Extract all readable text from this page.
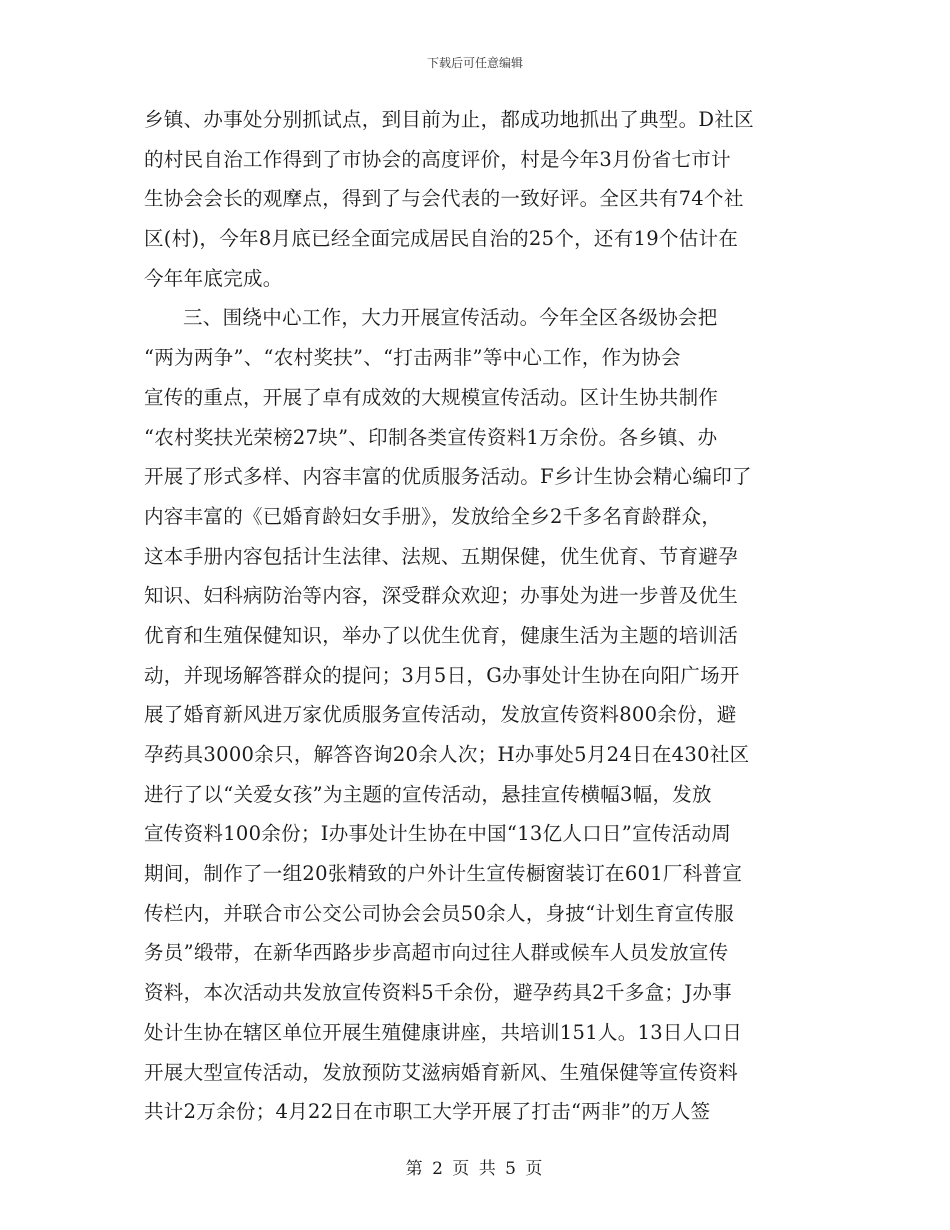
下载后可任意编辑
乡镇、办事处分别抓试点，到目前为止，都成功地抓出了典型。D社区
的村民自治工作得到了市协会的高度评价，村是今年3月份省七市计
生协会会长的观摩点，得到了与会代表的一致好评。全区共有74个社
区(村)，今年8月底已经全面完成居民自治的25个，还有19个估计在
今年年底完成。
三、围绕中心工作，大力开展宣传活动。今年全区各级协会把
“两为两争”、“农村奖扶”、“打击两非”等中心工作，作为协会
宣传的重点，开展了卓有成效的大规模宣传活动。区计生协共制作
“农村奖扶光荣榜27块”、印制各类宣传资料1万余份。各乡镇、办
开展了形式多样、内容丰富的优质服务活动。F乡计生协会精心编印了
内容丰富的《已婚育龄妇女手册》，发放给全乡2千多名育龄群众，
这本手册内容包括计生法律、法规、五期保健，优生优育、节育避孕
知识、妇科病防治等内容，深受群众欢迎；办事处为进一步普及优生
优育和生殖保健知识，举办了以优生优育，健康生活为主题的培训活
动，并现场解答群众的提问；3月5日，G办事处计生协在向阳广场开
展了婚育新风进万家优质服务宣传活动，发放宣传资料800余份，避
孕药具3000余只，解答咨询20余人次；H办事处5月24日在430社区
进行了以“关爱女孩”为主题的宣传活动，悬挂宣传横幅3幅，发放
宣传资料100余份；I办事处计生协在中国“13亿人口日”宣传活动周
期间，制作了一组20张精致的户外计生宣传橱窗装订在601厂科普宣
传栏内，并联合市公交公司协会会员50余人，身披“计划生育宣传服
务员”缎带，在新华西路步步高超市向过往人群或候车人员发放宣传
资料，本次活动共发放宣传资料5千余份，避孕药具2千多盒；J办事
处计生协在辖区单位开展生殖健康讲座，共培训151人。13日人口日
开展大型宣传活动，发放预防艾滋病婚育新风、生殖保健等宣传资料
共计2万余份；4月22日在市职工大学开展了打击“两非”的万人签
第 2 页 共 5 页
